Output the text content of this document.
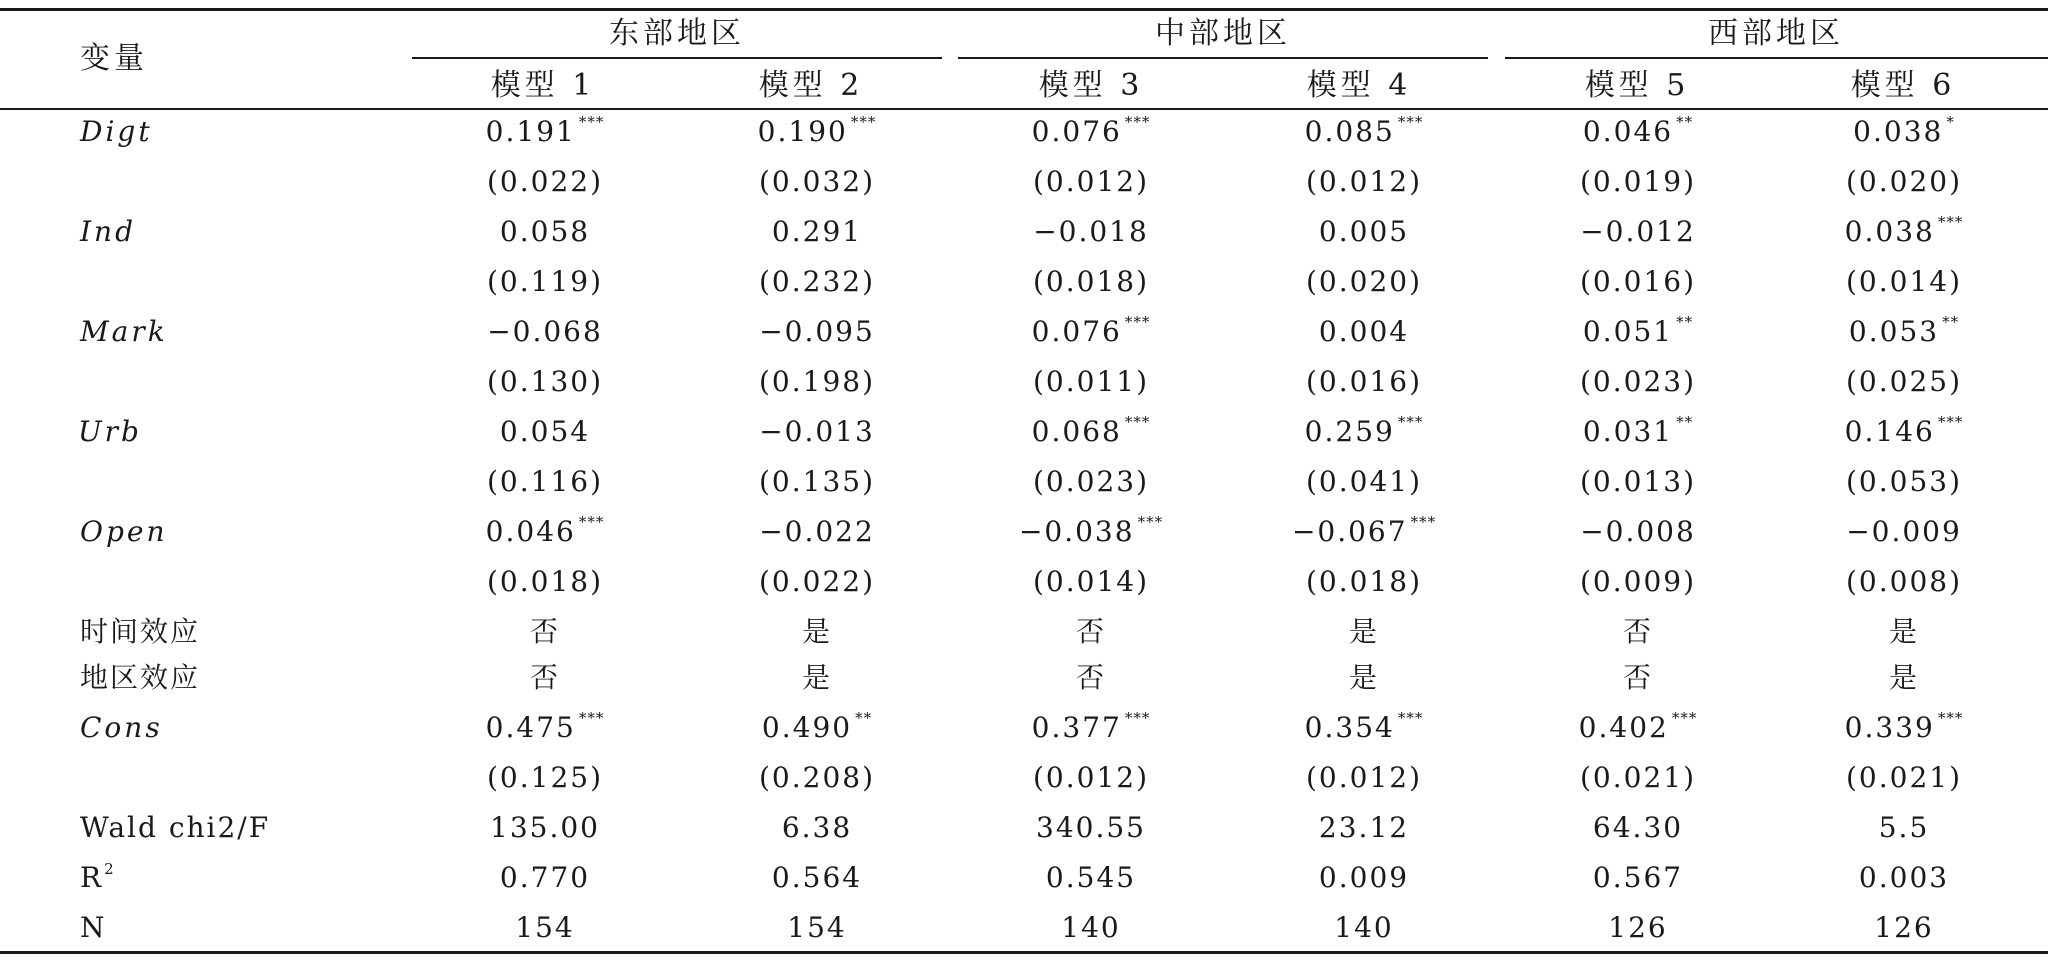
变量
东部地区	中部地区	西部地区
模型 1	模型 2	模型 3	模型 4	模型 5	模型 6
Digt	0.191 ***	0.190 ***	0.076 ***	0.085 ***	0.046 **	0.038 *
(0.022)	(0.032)	(0.012)	(0.012)	(0.019)	(0.020)
Ind	0.058	0.291	−0.018	0.005	−0.012	0.038 ***
(0.119)	(0.232)	(0.018)	(0.020)	(0.016)	(0.014)
Mark	−0.068	−0.095	0.076 ***	0.004	0.051 **	0.053 **
(0.130)	(0.198)	(0.011)	(0.016)	(0.023)	(0.025)
Urb	0.054	−0.013	0.068 ***	0.259 ***	0.031 **	0.146 ***
(0.116)	(0.135)	(0.023)	(0.041)	(0.013)	(0.053)
Open	0.046 ***	−0.022	−0.038 ***	−0.067 ***	−0.008	−0.009
(0.018)	(0.022)	(0.014)	(0.018)	(0.009)	(0.008)
时间效应	否	是	否	是	否	是
地区效应	否	是	否	是	否	是
Cons	0.475 ***	0.490 **	0.377 ***	0.354 ***	0.402 ***	0.339 ***
(0.125)	(0.208)	(0.012)	(0.012)	(0.021)	(0.021)
Wald chi2/F	135.00	6.38	340.55	23.12	64.30	5.5
$R^2$	0.770	0.564	0.545	0.009	0.567	0.003
N	154	154	140	140	126	126
